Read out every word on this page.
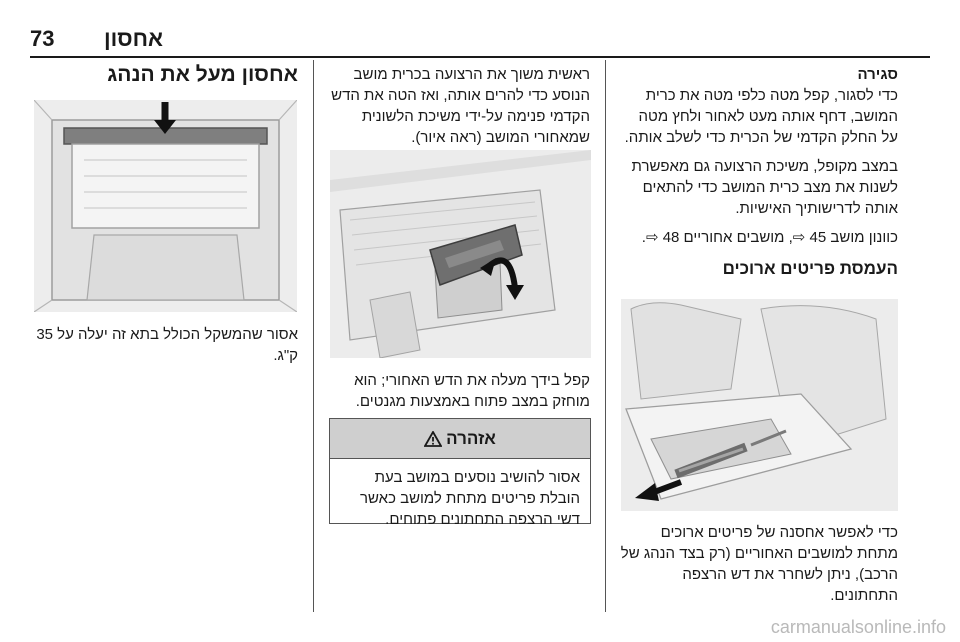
73 אחסון
אחסון מעל את הנהג

אסור שהמשקל הכולל בתא זה יעלה על 35 ק"ג.

ראשית משוך את הרצועה בכרית מושב הנוסע כדי להרים אותה, ואז הטה את הדש הקדמי פנימה על-ידי משיכת הלשונית שמאחורי המושב (ראה איור).

קפל בידך מעלה את הדש האחורי; הוא מוחזק במצב פתוח באמצעות מגנטים.

אזהרה
אסור להושיב נוסעים במושב בעת הובלת פריטים מתחת למושב כאשר דשי הרצפה התחתונים פתוחים.

סגירה

כדי לסגור, קפל מטה כלפי מטה את כרית המושב, דחף אותה מעט לאחור ולחץ מטה על החלק הקדמי של הכרית כדי לשלב אותה.

במצב מקופל, משיכת הרצועה גם מאפשרת לשנות את מצב כרית המושב כדי להתאים אותה לדרישותיך האישיות.

כוונון מושב 45 ⇨, מושבים אחוריים 48 ⇨.

העמסת פריטים ארוכים

כדי לאפשר אחסנה של פריטים ארוכים מתחת למושבים האחוריים (רק בצד הנהג של הרכב), ניתן לשחרר את דש הרצפה התחתונים.

carmanualsonline.info
